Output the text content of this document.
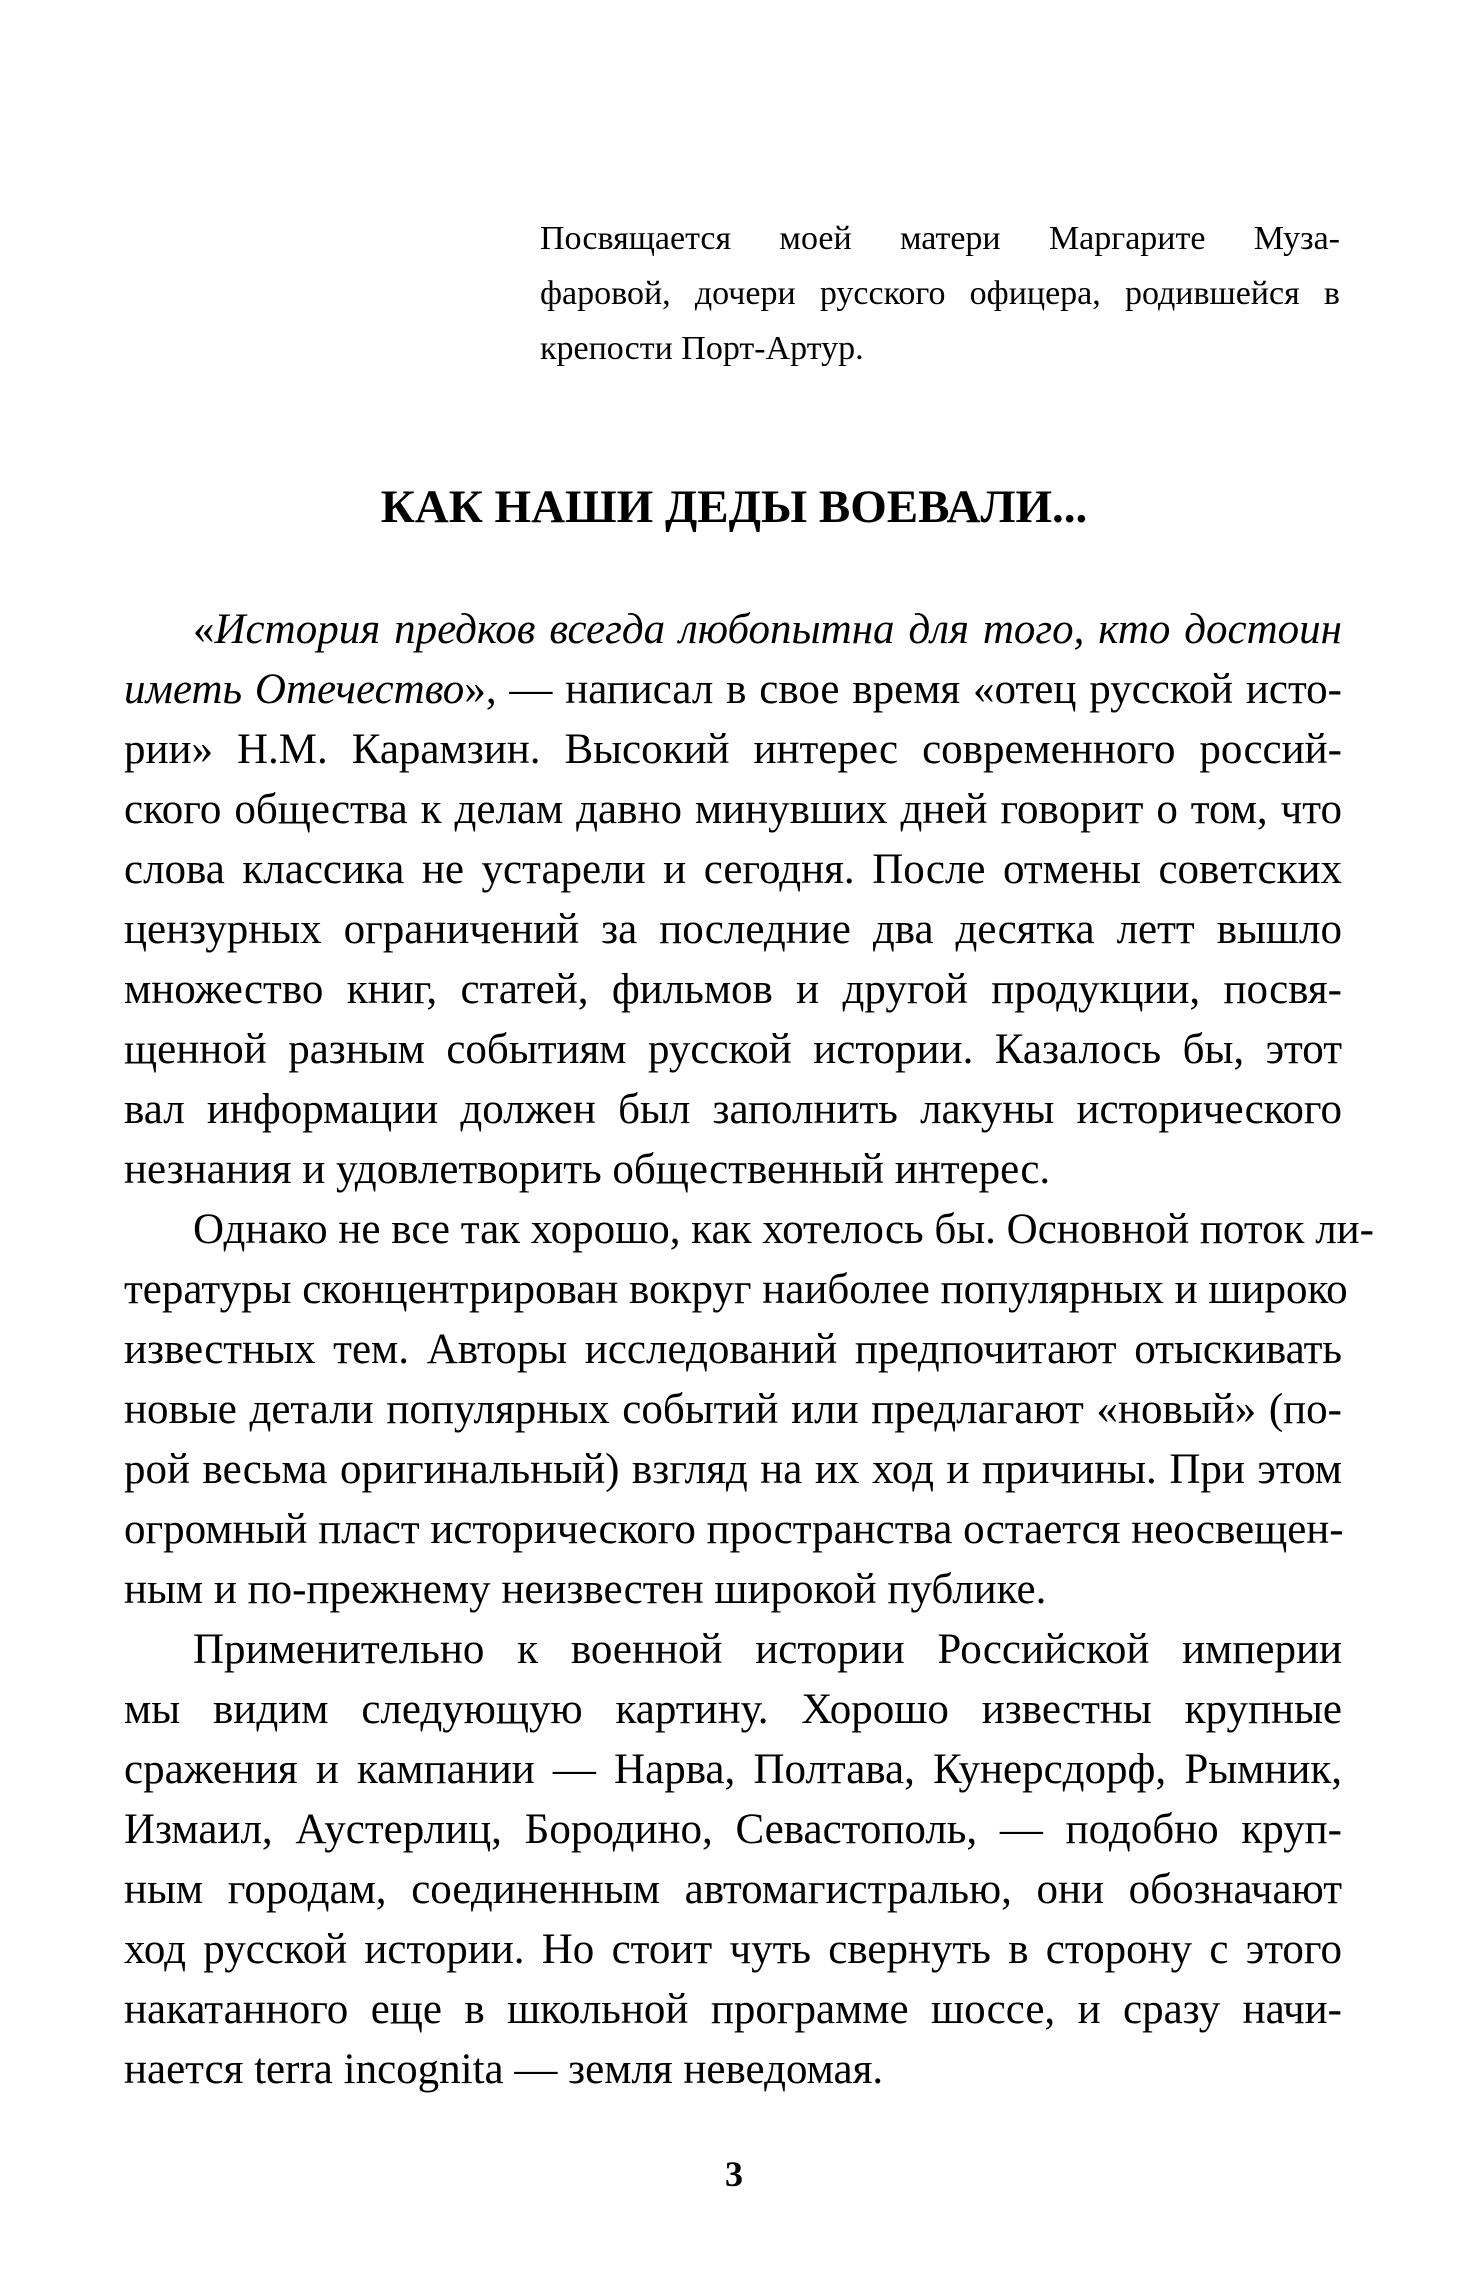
Посвящается моей матери Маргарите Муза-

фаровой, дочери русского офицера, родившейся в

крепости Порт-Артур.

КАК НАШИ ДЕДЫ ВОЕВАЛИ...

«История предков всегда любопытна для того, кто достоин

иметь Отечество», — написал в свое время «отец русской исто-

рии» Н.М. Карамзин. Высокий интерес современного россий-

ского общества к делам давно минувших дней говорит о том, что

слова классика не устарели и сегодня. После отмены советских

цензурных ограничений за последние два десятка летт вышло

множество книг, статей, фильмов и другой продукции, посвя-

щенной разным событиям русской истории. Казалось бы, этот

вал информации должен был заполнить лакуны исторического

незнания и удовлетворить общественный интерес.

Однако не все так хорошо, как хотелось бы. Основной поток ли-

тературы сконцентрирован вокруг наиболее популярных и широко

известных тем. Авторы исследований предпочитают отыскивать

новые детали популярных событий или предлагают «новый» (по-

рой весьма оригинальный) взгляд на их ход и причины. При этом

огромный пласт исторического пространства остается неосвещен-

ным и по-прежнему неизвестен широкой публике.

Применительно к военной истории Российской империи

мы видим следующую картину. Хорошо известны крупные

сражения и кампании — Нарва, Полтава, Кунерсдорф, Рымник,

Измаил, Аустерлиц, Бородино, Севастополь, — подобно круп-

ным городам, соединенным автомагистралью, они обозначают

ход русской истории. Но стоит чуть свернуть в сторону с этого

накатанного еще в школьной программе шоссе, и сразу начи-

нается terra incognita — земля неведомая.

3
